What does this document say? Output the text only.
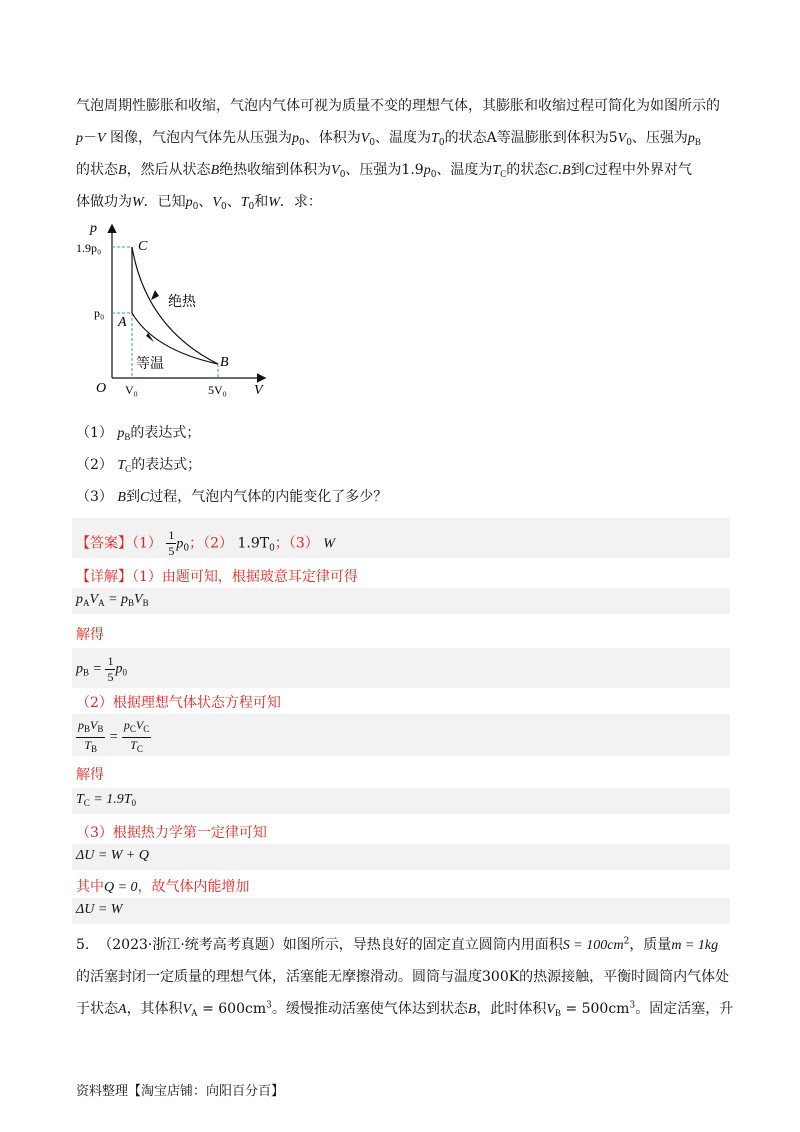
气泡周期性膨胀和收缩，气泡内气体可视为质量不变的理想气体，其膨胀和收缩过程可简化为如图所示的
p－V 图像，气泡内气体先从压强为$p_0$、体积为$V_0$、温度为$T_0$的状态A等温膨胀到体积为$5V_0$、压强为$p_B$
的状态B，然后从状态B绝热收缩到体积为$V_0$、压强为$1.9p_0$、温度为$T_C$的状态C.B到C过程中外界对气
体做功为W．已知$p_0$、$V_0$、$T_0$和W．求：
p
V
O
1.9p₀
p₀
V₀	5V₀
C
A
B
绝热
等温
（1） $p_B$的表达式；
（2） $T_C$的表达式；
（3） B到C过程，气泡内气体的内能变化了多少？
【答案】$(1) \frac{1}{5} p_0$；（2） $1.9T_0$；（3） W
【详解】（1）由题可知，根据玻意耳定律可得
$p_AV_A = p_BV_B$
解得
$p_B = \frac{1}{5} p_0$
（2）根据理想气体状态方程可知
$\frac{p_BV_B}{T_B} = \frac{p_CV_C}{T_C}$
解得
$T_C = 1.9T_0$
（3）根据热力学第一定律可知
ΔU = W + Q
其中Q = 0，故气体内能增加
ΔU = W
5. （2023·浙江·统考高考真题）如图所示，导热良好的固定直立圆筒内用面积$S = 100cm^2$，质量m = 1kg
的活塞封闭一定质量的理想气体，活塞能无摩擦滑动。圆筒与温度300K的热源接触，平衡时圆筒内气体处
于状态A，其体积$V_A = 600cm^3$。缓慢推动活塞使气体达到状态B，此时体积$V_B = 500cm^3$。固定活塞，升
资料整理【淘宝店铺：向阳百分百】
